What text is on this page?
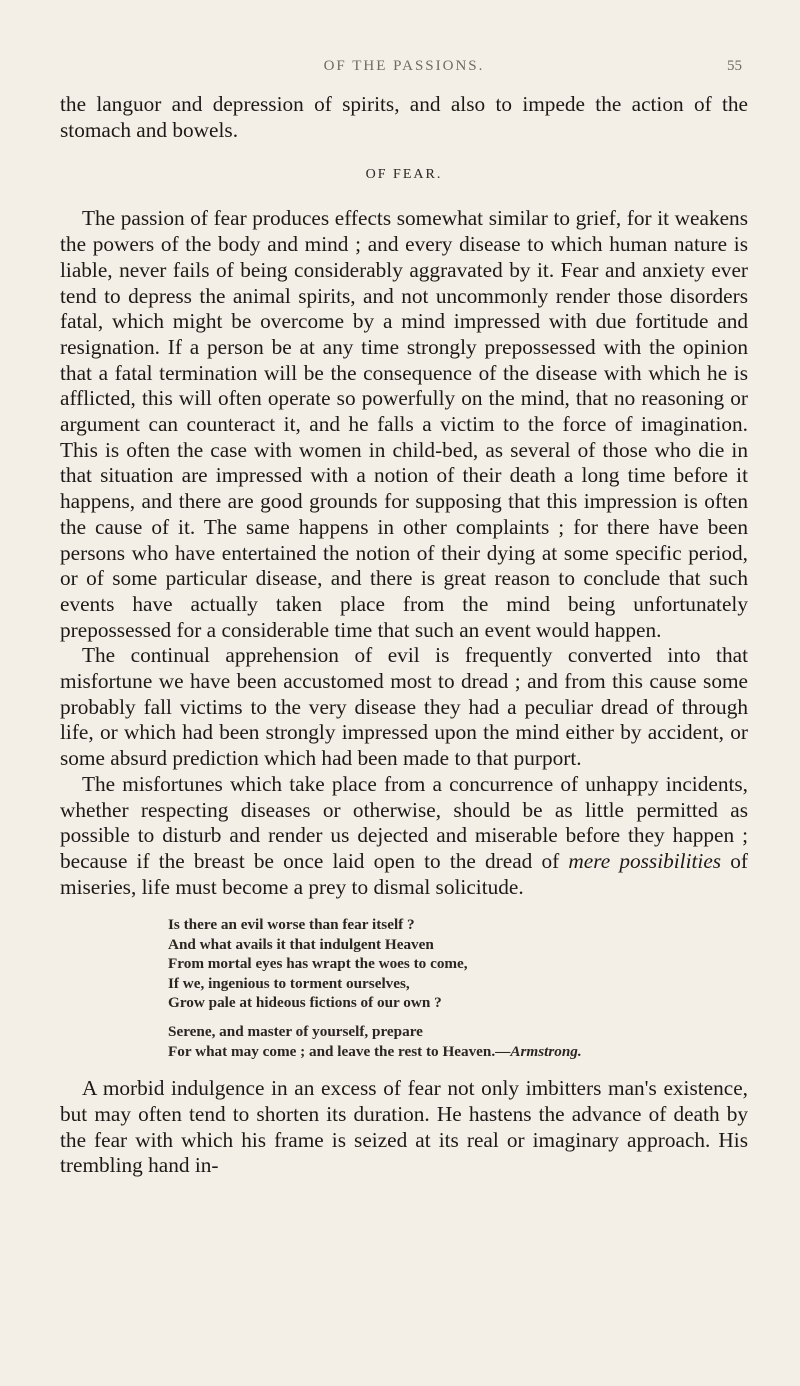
OF THE PASSIONS.	55

the languor and depression of spirits, and also to impede the action of the stomach and bowels.

OF FEAR.

The passion of fear produces effects somewhat similar to grief, for it weakens the powers of the body and mind ; and every disease to which human nature is liable, never fails of being considerably aggravated by it. Fear and anxiety ever tend to depress the animal spirits, and not uncommonly render those disorders fatal, which might be overcome by a mind impressed with due fortitude and resignation. If a person be at any time strongly prepossessed with the opinion that a fatal termination will be the consequence of the disease with which he is afflicted, this will often operate so powerfully on the mind, that no reasoning or argument can counteract it, and he falls a victim to the force of imagination. This is often the case with women in child-bed, as several of those who die in that situation are impressed with a notion of their death a long time before it happens, and there are good grounds for supposing that this impression is often the cause of it. The same happens in other complaints ; for there have been persons who have entertained the notion of their dying at some specific period, or of some particular disease, and there is great reason to conclude that such events have actually taken place from the mind being unfortunately prepossessed for a considerable time that such an event would happen.

The continual apprehension of evil is frequently converted into that misfortune we have been accustomed most to dread ; and from this cause some probably fall victims to the very disease they had a peculiar dread of through life, or which had been strongly impressed upon the mind either by accident, or some absurd prediction which had been made to that purport.

The misfortunes which take place from a concurrence of unhappy incidents, whether respecting diseases or otherwise, should be as little permitted as possible to disturb and render us dejected and miserable before they happen ; because if the breast be once laid open to the dread of mere possibilities of miseries, life must become a prey to dismal solicitude.

Is there an evil worse than fear itself ?
And what avails it that indulgent Heaven
From mortal eyes has wrapt the woes to come,
If we, ingenious to torment ourselves,
Grow pale at hideous fictions of our own ?
Serene, and master of yourself, prepare
For what may come ; and leave the rest to Heaven.—Armstrong.

A morbid indulgence in an excess of fear not only imbitters man's existence, but may often tend to shorten its duration. He hastens the advance of death by the fear with which his frame is seized at its real or imaginary approach. His trembling hand in-
